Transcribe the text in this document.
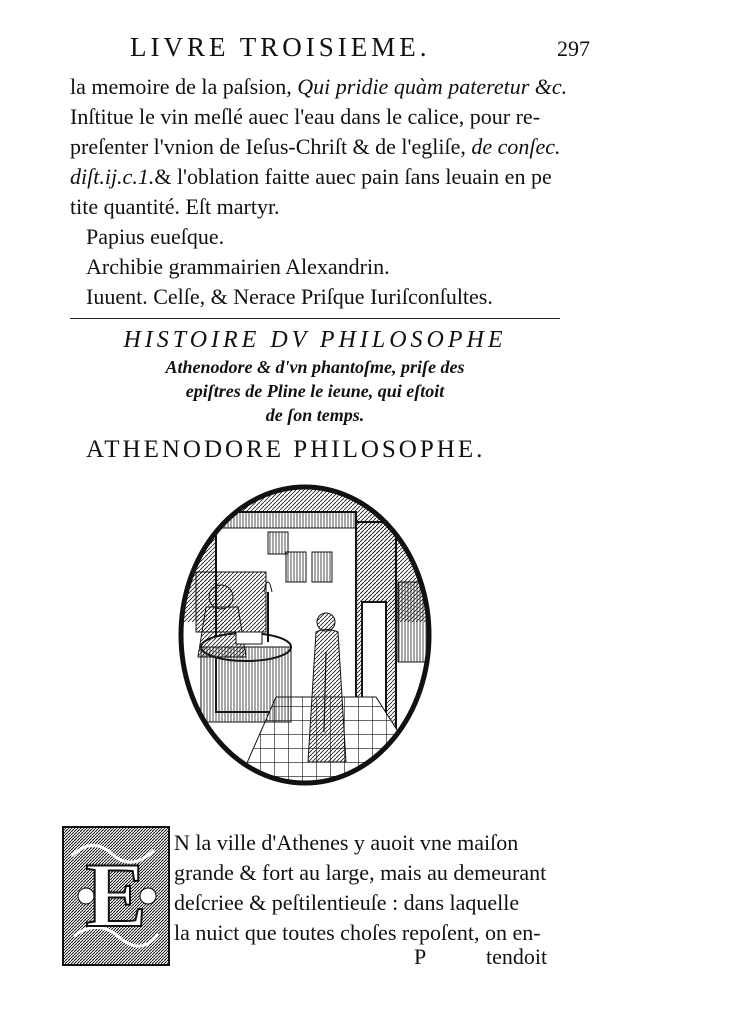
LIVRE TROISIEME.	297
la memoire de la paſsion, Qui pridie quàm pateretur &c.
Inſtitue le vin meſlé auec l'eau dans le calice, pour re-
preſenter l'vnion de Ieſus-Chriſt & de l'egliſe, de conſec.
diſt.ij.c.1.& l'oblation faitte auec pain ſans leuain en pe
tite quantité. Eſt martyr.
Papius eueſque.
Archibie grammairien Alexandrin.
Iuuent. Celſe, & Nerace Priſque Iuriſconſultes.
HISTOIRE DV PHILOSOPHE
Athenodore & d'vn phantoſme, priſe des
epiſtres de Pline le ieune, qui eſtoit
de ſon temps.
ATHENODORE PHILOSOPHE.
E
N la ville d'Athenes y auoit vne maiſon
grande & fort au large, mais au demeurant
deſcriee & peſtilentieuſe : dans laquelle
la nuict que toutes choſes repoſent, on en-
P	tendoit
